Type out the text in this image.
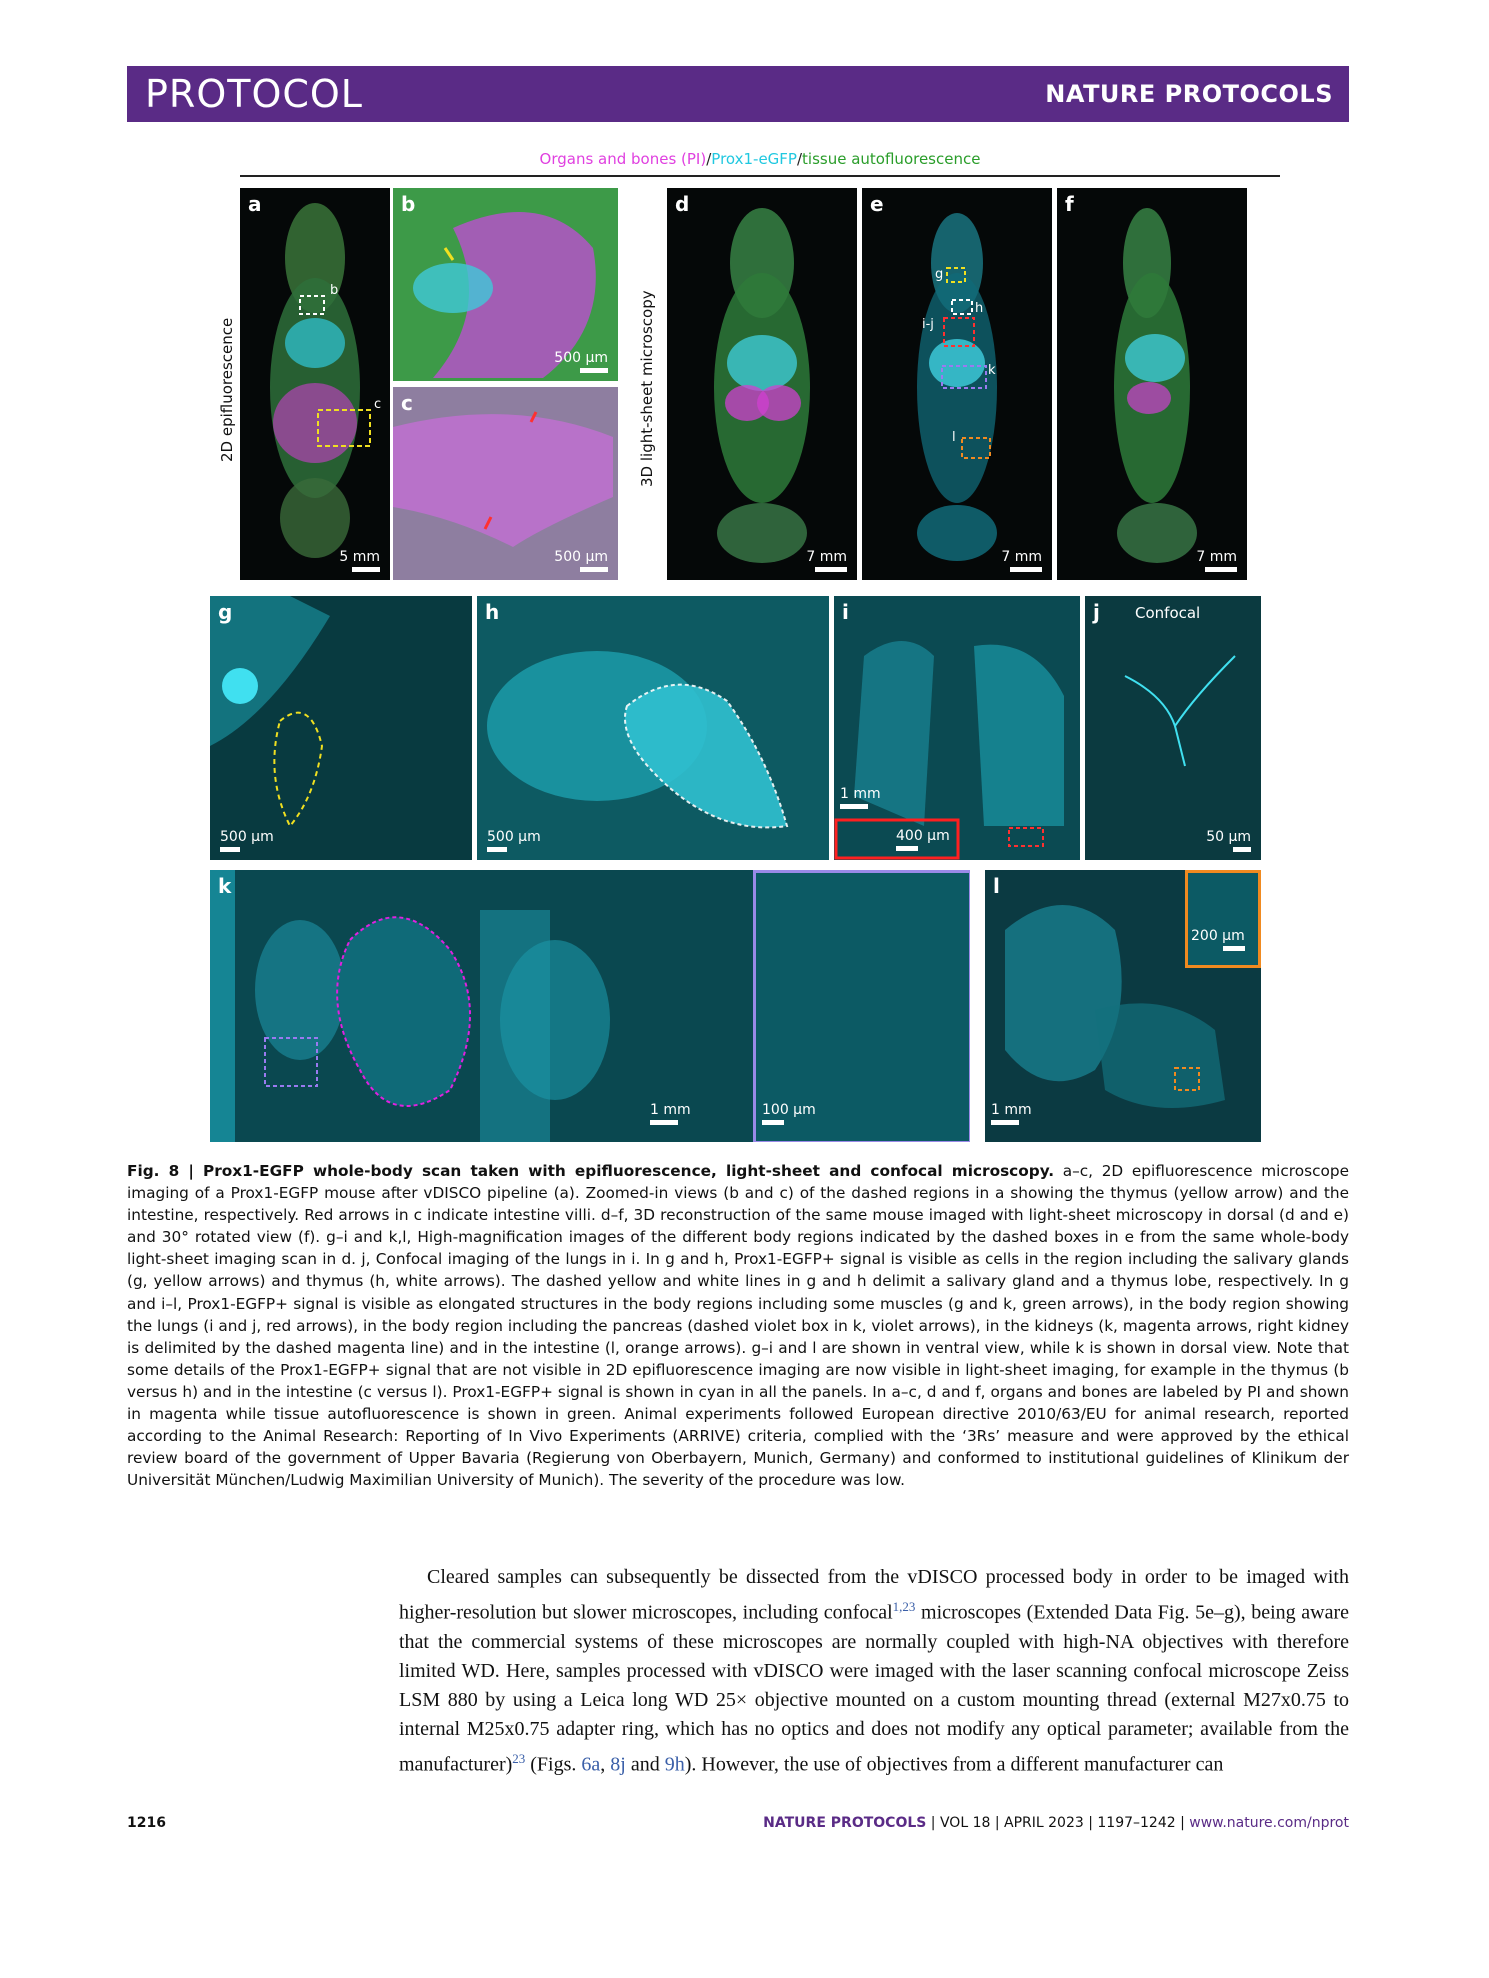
PROTOCOL	NATURE PROTOCOLS
Organs and bones (PI)/Prox1-eGFP/tissue autofluorescence
2D epifluorescence	3D light-sheet microscopy
b
c
a
5 mm
b
500 µm
c
500 µm
d
7 mm
g
h
i-j
k
l
e
7 mm
f
7 mm
g
500 µm
h
500 µm
i
1 mm
400 µm
j Confocal
50 µm
k
1 mm	100 µm
l
1 mm
200 µm
Fig. 8 | Prox1-EGFP whole-body scan taken with epifluorescence, light-sheet and confocal microscopy. a–c, 2D epifluorescence microscope imaging of a Prox1-EGFP mouse after vDISCO pipeline (a). Zoomed-in views (b and c) of the dashed regions in a showing the thymus (yellow arrow) and the intestine, respectively. Red arrows in c indicate intestine villi. d–f, 3D reconstruction of the same mouse imaged with light-sheet microscopy in dorsal (d and e) and 30° rotated view (f). g–i and k,l, High-magnification images of the different body regions indicated by the dashed boxes in e from the same whole-body light-sheet imaging scan in d. j, Confocal imaging of the lungs in i. In g and h, Prox1-EGFP+ signal is visible as cells in the region including the salivary glands (g, yellow arrows) and thymus (h, white arrows). The dashed yellow and white lines in g and h delimit a salivary gland and a thymus lobe, respectively. In g and i–l, Prox1-EGFP+ signal is visible as elongated structures in the body regions including some muscles (g and k, green arrows), in the body region showing the lungs (i and j, red arrows), in the body region including the pancreas (dashed violet box in k, violet arrows), in the kidneys (k, magenta arrows, right kidney is delimited by the dashed magenta line) and in the intestine (l, orange arrows). g–i and l are shown in ventral view, while k is shown in dorsal view. Note that some details of the Prox1-EGFP+ signal that are not visible in 2D epifluorescence imaging are now visible in light-sheet imaging, for example in the thymus (b versus h) and in the intestine (c versus l). Prox1-EGFP+ signal is shown in cyan in all the panels. In a–c, d and f, organs and bones are labeled by PI and shown in magenta while tissue autofluorescence is shown in green. Animal experiments followed European directive 2010/63/EU for animal research, reported according to the Animal Research: Reporting of In Vivo Experiments (ARRIVE) criteria, complied with the ‘3Rs’ measure and were approved by the ethical review board of the government of Upper Bavaria (Regierung von Oberbayern, Munich, Germany) and conformed to institutional guidelines of Klinikum der Universität München/Ludwig Maximilian University of Munich). The severity of the procedure was low.
Cleared samples can subsequently be dissected from the vDISCO processed body in order to be imaged with higher-resolution but slower microscopes, including confocal$^{1,23}$ microscopes (Extended Data Fig. 5e–g), being aware that the commercial systems of these microscopes are normally coupled with high-NA objectives with therefore limited WD. Here, samples processed with vDISCO were imaged with the laser scanning confocal microscope Zeiss LSM 880 by using a Leica long WD 25× objective mounted on a custom mounting thread (external M27x0.75 to internal M25x0.75 adapter ring, which has no optics and does not modify any optical parameter; available from the manufacturer)$^{23}$ (Figs. 6a, 8j and 9h). However, the use of objectives from a different manufacturer can
1216	NATURE PROTOCOLS | VOL 18 | APRIL 2023 | 1197–1242 | www.nature.com/nprot
